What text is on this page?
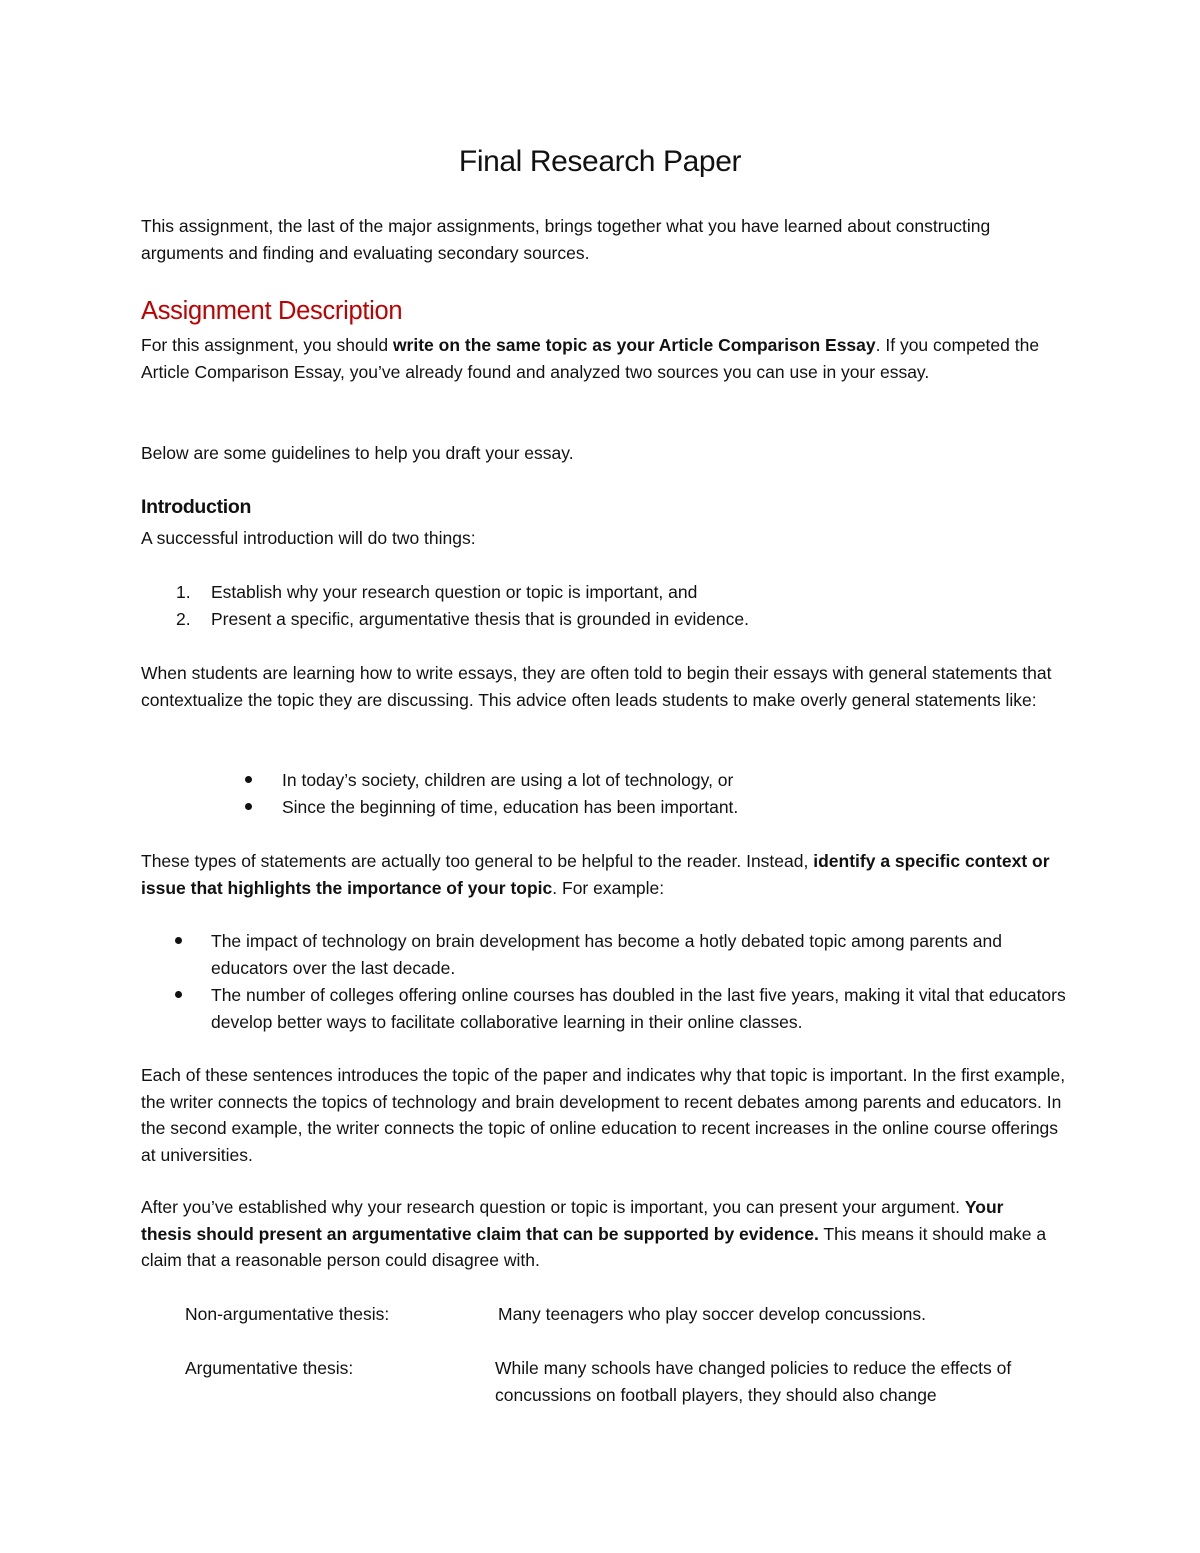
Final Research Paper
This assignment, the last of the major assignments, brings together what you have learned about constructing arguments and finding and evaluating secondary sources.
Assignment Description
For this assignment, you should write on the same topic as your Article Comparison Essay. If you competed the Article Comparison Essay, you’ve already found and analyzed two sources you can use in your essay.
Below are some guidelines to help you draft your essay.
Introduction
A successful introduction will do two things:
1. Establish why your research question or topic is important, and
2. Present a specific, argumentative thesis that is grounded in evidence.
When students are learning how to write essays, they are often told to begin their essays with general statements that contextualize the topic they are discussing. This advice often leads students to make overly general statements like:
In today’s society, children are using a lot of technology, or
Since the beginning of time, education has been important.
These types of statements are actually too general to be helpful to the reader. Instead, identify a specific context or issue that highlights the importance of your topic. For example:
The impact of technology on brain development has become a hotly debated topic among parents and educators over the last decade.
The number of colleges offering online courses has doubled in the last five years, making it vital that educators develop better ways to facilitate collaborative learning in their online classes.
Each of these sentences introduces the topic of the paper and indicates why that topic is important. In the first example, the writer connects the topics of technology and brain development to recent debates among parents and educators. In the second example, the writer connects the topic of online education to recent increases in the online course offerings at universities.
After you’ve established why your research question or topic is important, you can present your argument. Your thesis should present an argumentative claim that can be supported by evidence. This means it should make a claim that a reasonable person could disagree with.
Non-argumentative thesis:	Many teenagers who play soccer develop concussions.
Argumentative thesis:	While many schools have changed policies to reduce the effects of concussions on football players, they should also change
